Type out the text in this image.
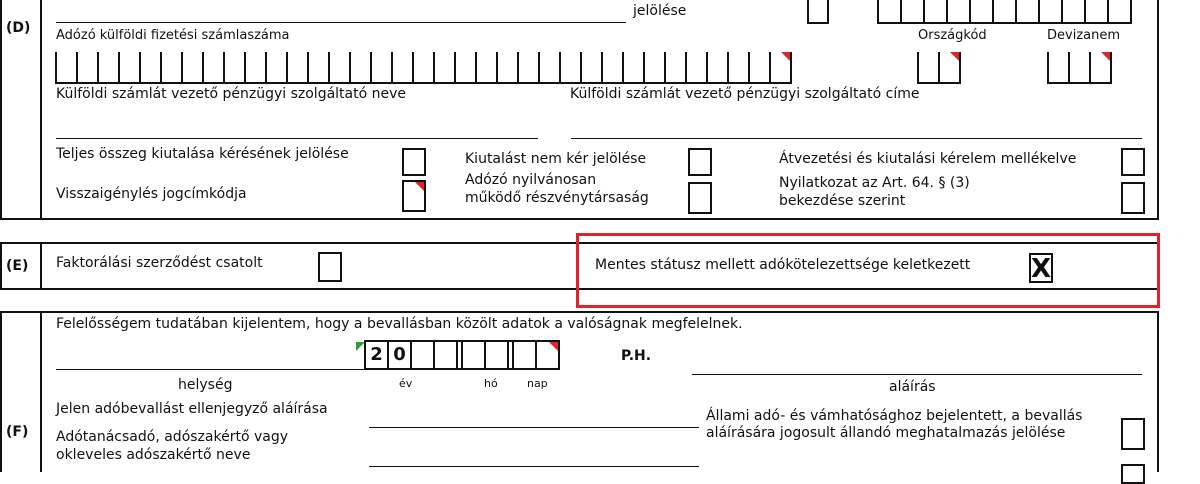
(D)
jelölése
Adózó külföldi fizetési számlaszáma	Országkód	Devizanem
Külföldi számlát vezető pénzügyi szolgáltató neve	Külföldi számlát vezető pénzügyi szolgáltató címe
Teljes összeg kiutalása kérésének jelölése
Visszaigénylés jogcímkódja
Kiutalást nem kér jelölése
Adózó nyilvánosan
működő részvénytársaság
Átvezetési és kiutalási kérelem mellékelve
Nyilatkozat az Art. 64. § (3)
bekezdése szerint
(E) Faktorálási szerződést csatolt	Mentes státusz mellett adókötelezettsége keletkezett X
Felelősségem tudatában kijelentem, hogy a bevallásban közölt adatok a valóságnak megfelelnek.
2 0	P.H.
helység	év	hó	nap	aláírás
Jelen adóbevallást ellenjegyző aláírása
Adótanácsadó, adószakértő vagy
okleveles adószakértő neve
(F)
Állami adó- és vámhatósághoz bejelentett, a bevallás
aláírására jogosult állandó meghatalmazás jelölése
